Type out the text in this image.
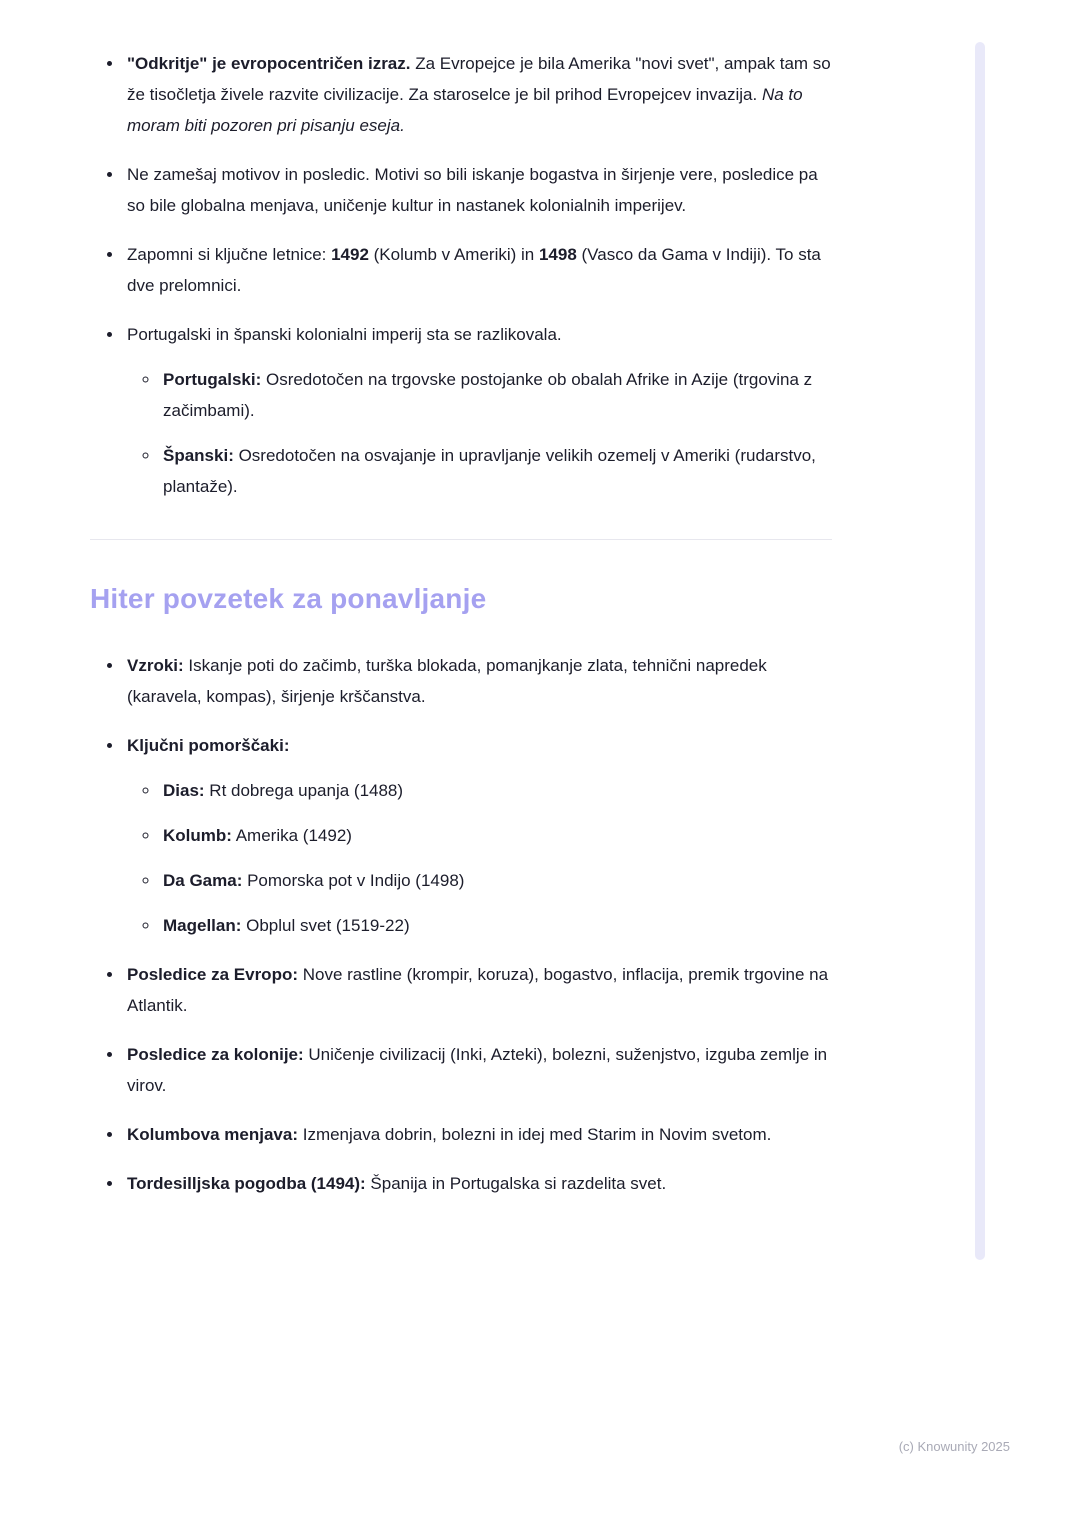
• "Odkritje" je evropocentričen izraz. Za Evropejce je bila Amerika "novi svet", ampak tam so že tisočletja živele razvite civilizacije. Za staroselce je bil prihod Evropejcev invazija. Na to moram biti pozoren pri pisanju eseja.
• Ne zamešaj motivov in posledic. Motivi so bili iskanje bogastva in širjenje vere, posledice pa so bile globalna menjava, uničenje kultur in nastanek kolonialnih imperijev.
• Zapomni si ključne letnice: 1492 (Kolumb v Ameriki) in 1498 (Vasco da Gama v Indiji). To sta dve prelomnici.
• Portugalski in španski kolonialni imperij sta se razlikovala.
◦ Portugalski: Osredotočen na trgovske postojanke ob obalah Afrike in Azije (trgovina z začimbami).
◦ Španski: Osredotočen na osvajanje in upravljanje velikih ozemelj v Ameriki (rudarstvo, plantaže).
Hiter povzetek za ponavljanje
• Vzroki: Iskanje poti do začimb, turška blokada, pomanjkanje zlata, tehnični napredek (karavela, kompas), širjenje krščanstva.
• Ključni pomorščaki:
◦ Dias: Rt dobrega upanja (1488)
◦ Kolumb: Amerika (1492)
◦ Da Gama: Pomorska pot v Indijo (1498)
◦ Magellan: Obplul svet (1519-22)
• Posledice za Evropo: Nove rastline (krompir, koruza), bogastvo, inflacija, premik trgovine na Atlantik.
• Posledice za kolonije: Uničenje civilizacij (Inki, Azteki), bolezni, suženjstvo, izguba zemlje in virov.
• Kolumbova menjava: Izmenjava dobrin, bolezni in idej med Starim in Novim svetom.
• Tordesilljska pogodba (1494): Španija in Portugalska si razdelita svet.
(c) Knowunity 2025
